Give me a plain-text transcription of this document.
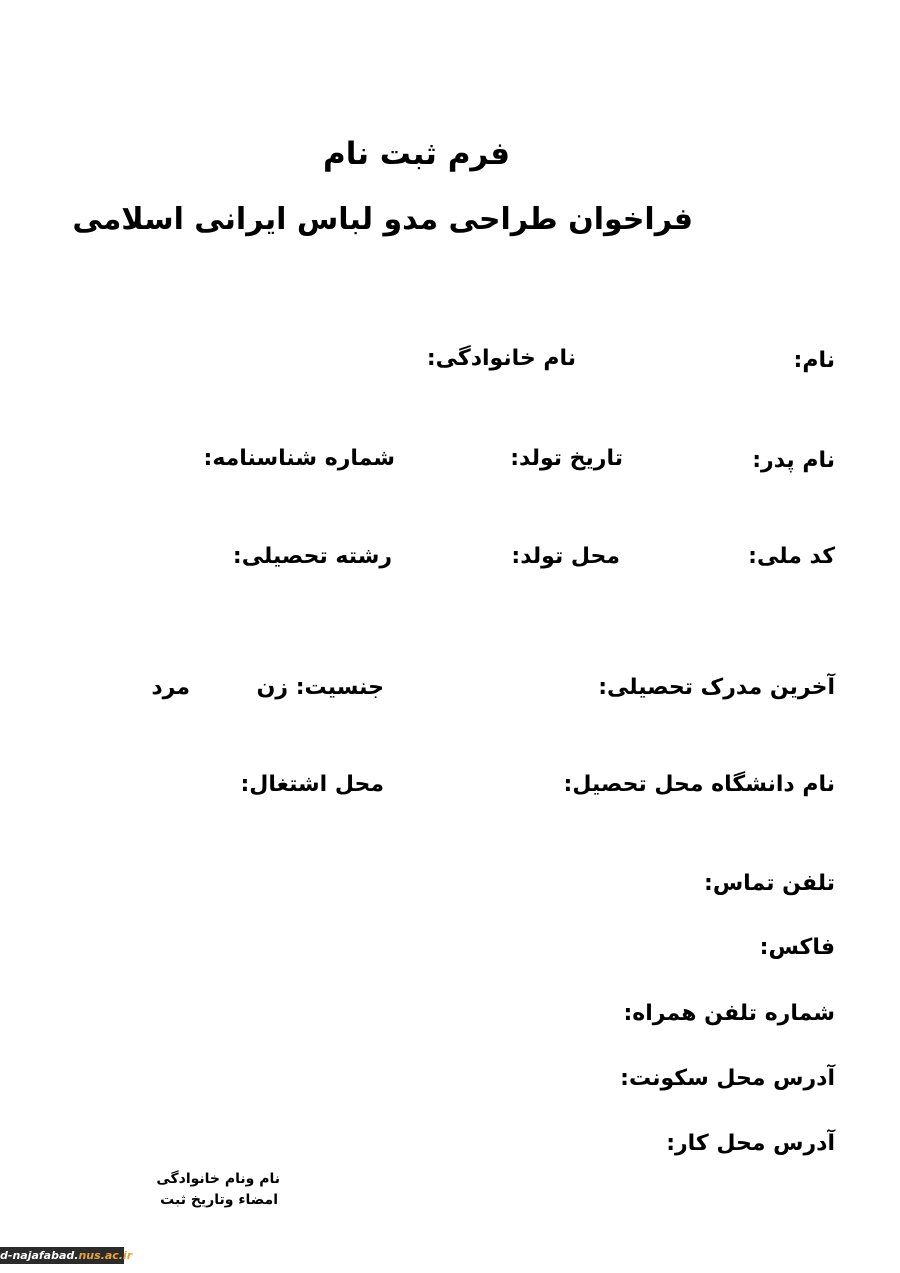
فرم ثبت نام
فراخوان طراحی مدو لباس ایرانی اسلامی
نام:
نام خانوادگی:
نام پدر:
تاریخ تولد:
شماره شناسنامه:
کد ملی:
محل تولد:
رشته تحصیلی:
آخرین مدرک تحصیلی:
جنسیت: زن
مرد
نام دانشگاه محل تحصیل:
محل اشتغال:
تلفن تماس:
فاکس:
شماره تلفن همراه:
آدرس محل سکونت:
آدرس محل کار:
نام ونام خانوادگی
امضاء وتاریخ ثبت
d-najafabad.nus.ac.ir
